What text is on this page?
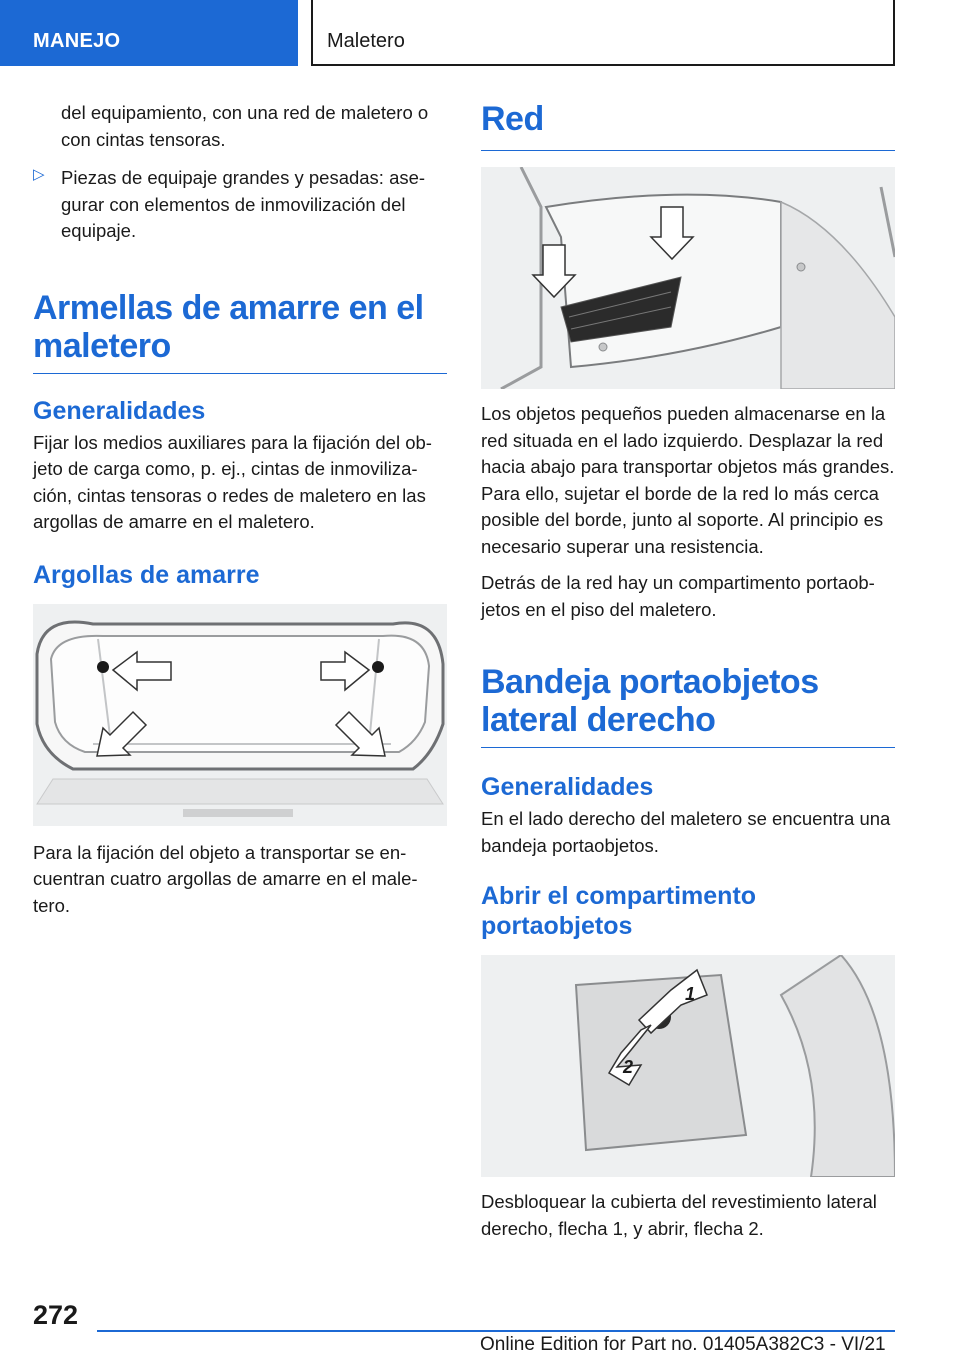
MANEJO	Maletero

del equipamiento, con una red de maletero o con cintas tensoras.

▷ Piezas de equipaje grandes y pesadas: ase-gurar con elementos de inmovilización del equipaje.

Armellas de amarre en el maletero
Generalidades

Fijar los medios auxiliares para la fijación del ob-jeto de carga como, p. ej., cintas de inmoviliza-ción, cintas tensoras o redes de maletero en las argollas de amarre en el maletero.

Argollas de amarre

Para la fijación del objeto a transportar se en-cuentran cuatro argollas de amarre en el male-tero.

Red

Los objetos pequeños pueden almacenarse en la red situada en el lado izquierdo. Desplazar la red hacia abajo para transportar objetos más grandes. Para ello, sujetar el borde de la red lo más cerca posible del borde, junto al soporte. Al principio es necesario superar una resistencia.

Detrás de la red hay un compartimento portaob-jetos en el piso del maletero.

Bandeja portaobjetos lateral derecho
Generalidades

En el lado derecho del maletero se encuentra una bandeja portaobjetos.

Abrir el compartimento portaobjetos
1
2

Desbloquear la cubierta del revestimiento lateral derecho, flecha 1, y abrir, flecha 2.

272
Online Edition for Part no. 01405A382C3 - VI/21
